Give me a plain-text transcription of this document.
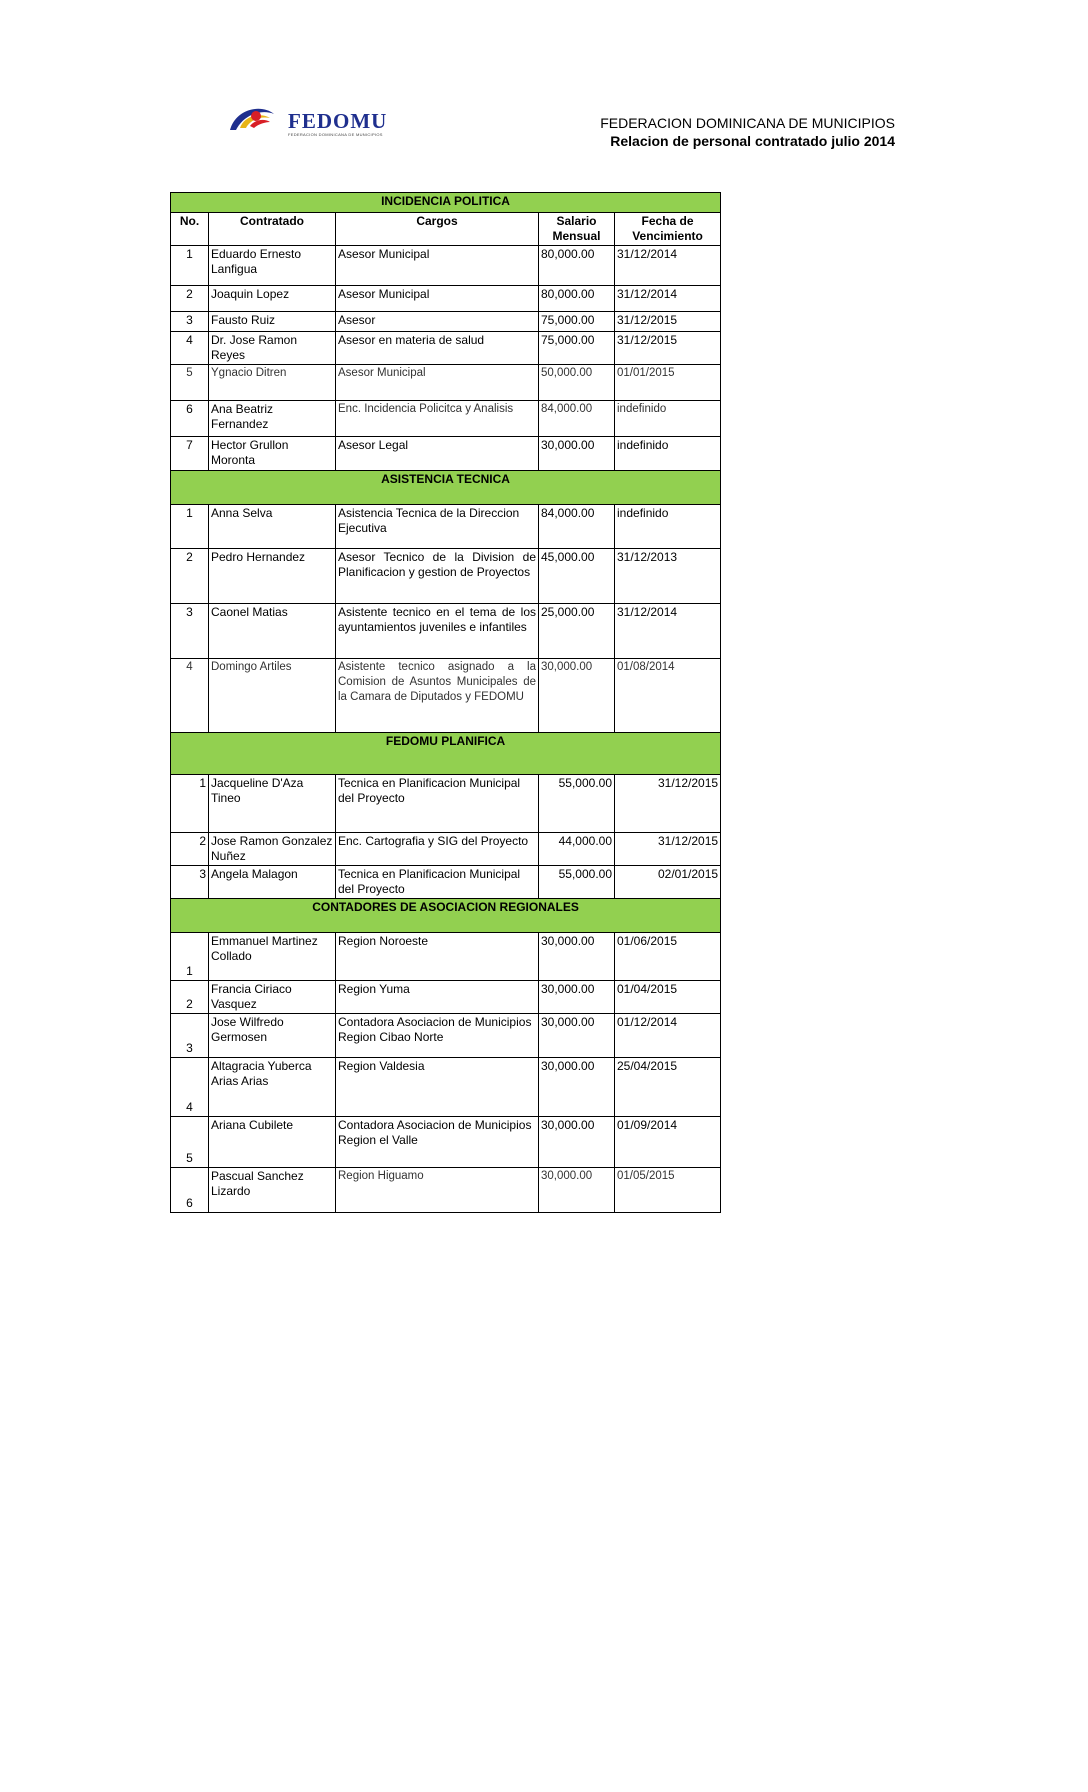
FEDOMU
FEDERACION DOMINICANA DE MUNICIPIOS
FEDERACION DOMINICANA DE MUNICIPIOS
Relacion de personal contratado julio 2014
INCIDENCIA POLITICA				
No.	Contratado	Cargos	Salario Mensual	Fecha de Vencimiento
1	Eduardo Ernesto Lanfigua	Asesor Municipal	80,000.00	31/12/2014
2	Joaquin Lopez	Asesor Municipal	80,000.00	31/12/2014
3	Fausto Ruiz	Asesor	75,000.00	31/12/2015
4	Dr. Jose Ramon Reyes	Asesor en materia de salud	75,000.00	31/12/2015
5	Ygnacio Ditren	Asesor Municipal	50,000.00	01/01/2015
6	Ana Beatriz Fernandez	Enc. Incidencia Policitca y Analisis	84,000.00	indefinido
7	Hector Grullon Moronta	Asesor Legal	30,000.00	indefinido
ASISTENCIA TECNICA				
1	Anna Selva	Asistencia Tecnica de la Direccion Ejecutiva	84,000.00	indefinido
2	Pedro Hernandez	Asesor Tecnico de la Division de Planificacion y gestion de Proyectos	45,000.00	31/12/2013
3	Caonel Matias	Asistente tecnico en el tema de los ayuntamientos juveniles e infantiles	25,000.00	31/12/2014
4	Domingo Artiles	Asistente tecnico asignado a la Comision de Asuntos Municipales de la Camara de Diputados y FEDOMU	30,000.00	01/08/2014
FEDOMU PLANIFICA				
1	Jacqueline D'Aza Tineo	Tecnica en Planificacion Municipal del Proyecto	55,000.00	31/12/2015
2	Jose Ramon Gonzalez Nuñez	Enc. Cartografia y SIG del Proyecto	44,000.00	31/12/2015
3	Angela Malagon	Tecnica en Planificacion Municipal del Proyecto	55,000.00	02/01/2015
CONTADORES DE ASOCIACION REGIONALES				
1	Emmanuel Martinez Collado	Region Noroeste	30,000.00	01/06/2015
2	Francia Ciriaco Vasquez	Region Yuma	30,000.00	01/04/2015
3	Jose Wilfredo Germosen	Contadora Asociacion de Municipios Region Cibao Norte	30,000.00	01/12/2014
4	Altagracia Yuberca Arias Arias	Region Valdesia	30,000.00	25/04/2015
5	Ariana Cubilete	Contadora Asociacion de Municipios Region el Valle	30,000.00	01/09/2014
6	Pascual Sanchez Lizardo	Region Higuamo	30,000.00	01/05/2015
